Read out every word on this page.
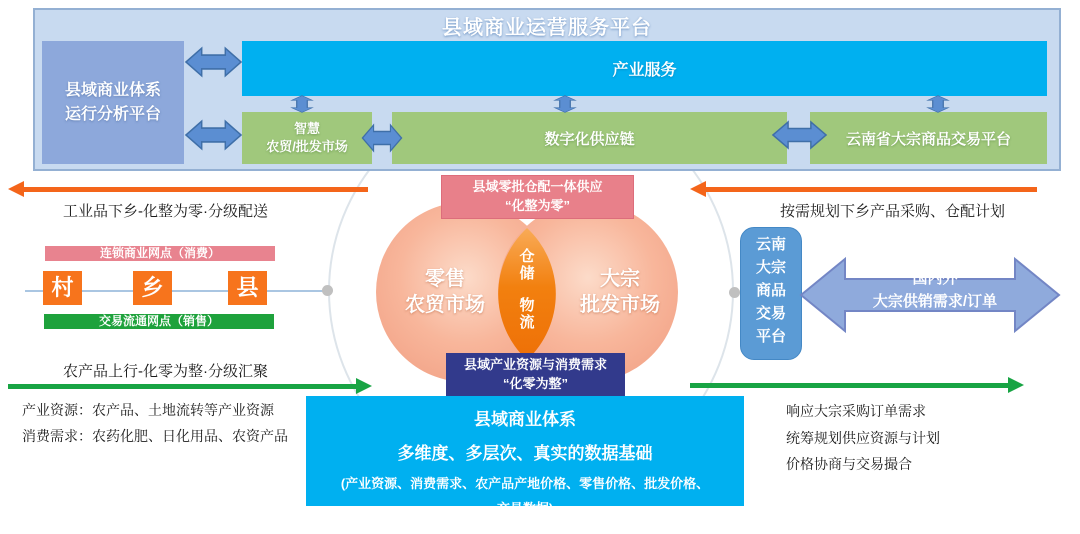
县域商业运营服务平台
县域商业体系
运行分析平台
产业服务
智慧
农贸/批发市场	数字化供应链	云南省大宗商品交易平台
工业品下乡-化整为零·分级配送	按需规划下乡产品采购、仓配计划
农产品上行-化零为整·分级汇聚
连锁商业网点（消费）
村	乡	县
交易流通网点（销售）
零售
农贸市场
大宗
批发市场
仓储
物流
县域零批仓配一体供应
“化整为零”
县域产业资源与消费需求
“化零为整”
云南
大宗
商品
交易
平台
国内外
大宗供销需求/订单
产业资源：农产品、土地流转等产业资源
消费需求：农药化肥、日化用品、农资产品
县域商业体系
多维度、多层次、真实的数据基础
(产业资源、消费需求、农产品产地价格、零售价格、批发价格、
交易数据)
响应大宗采购订单需求
统筹规划供应资源与计划
价格协商与交易撮合
